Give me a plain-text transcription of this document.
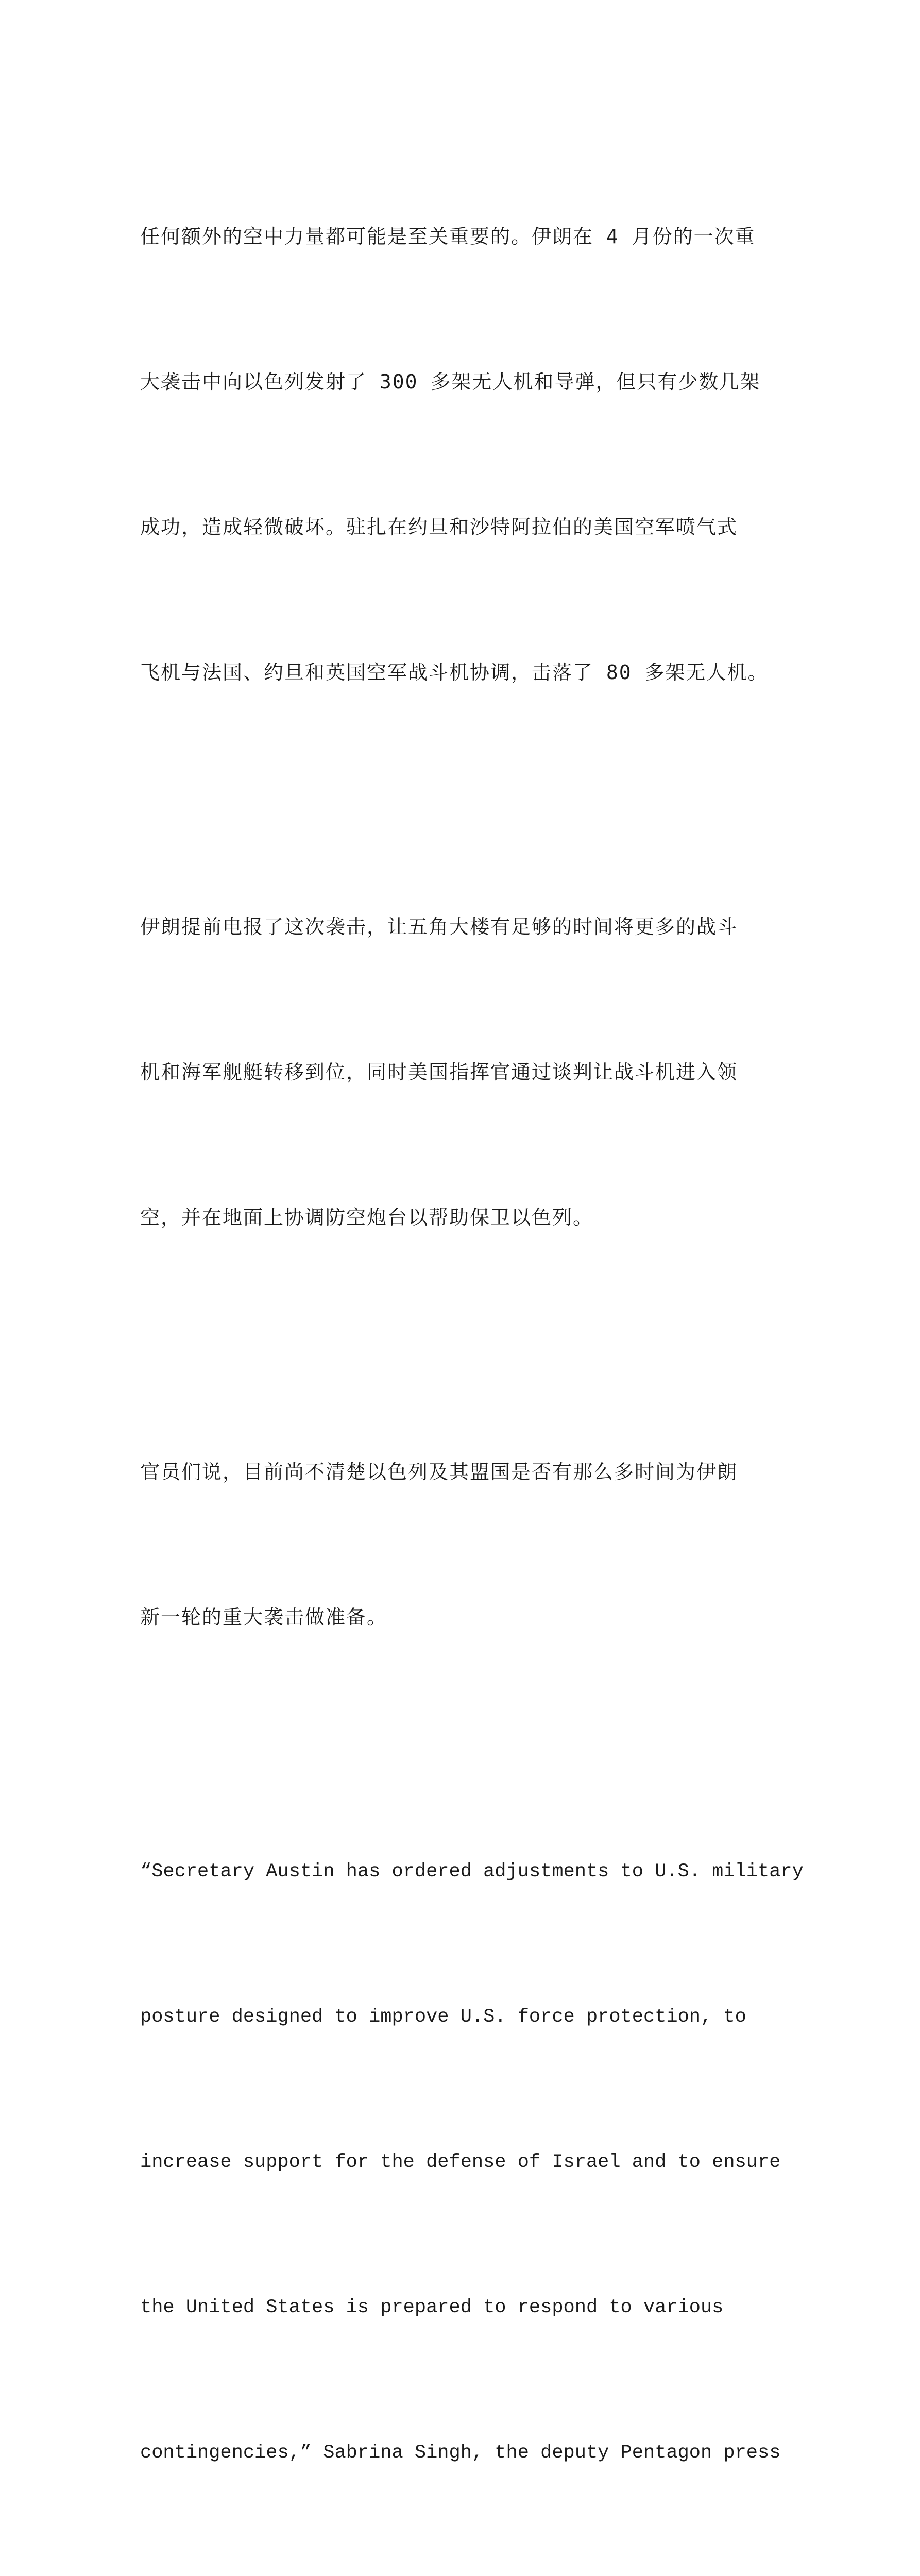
任何额外的空中力量都可能是至关重要的。伊朗在 4 月份的一次重

大袭击中向以色列发射了 300 多架无人机和导弹，但只有少数几架

成功，造成轻微破坏。驻扎在约旦和沙特阿拉伯的美国空军喷气式

飞机与法国、约旦和英国空军战斗机协调，击落了 80 多架无人机。

伊朗提前电报了这次袭击，让五角大楼有足够的时间将更多的战斗

机和海军舰艇转移到位，同时美国指挥官通过谈判让战斗机进入领

空，并在地面上协调防空炮台以帮助保卫以色列。

官员们说，目前尚不清楚以色列及其盟国是否有那么多时间为伊朗

新一轮的重大袭击做准备。

“Secretary Austin has ordered adjustments to U.S. military

posture designed to improve U.S. force protection, to

increase support for the defense of Israel and to ensure

the United States is prepared to respond to various

contingencies,” Sabrina Singh, the deputy Pentagon press
